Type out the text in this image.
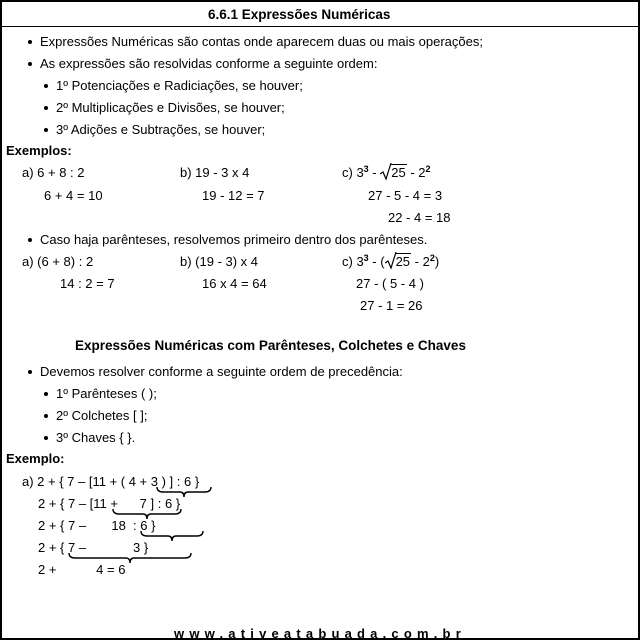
6.6.1 Expressões Numéricas
Expressões Numéricas são contas onde aparecem duas ou mais operações;
As expressões são resolvidas conforme a seguinte ordem:
1º Potenciações e Radiciações, se houver;
2º Multiplicações e Divisões, se houver;
3º Adições e Subtrações, se houver;
Exemplos:
a) 6 + 8 : 2
6 + 4 = 10
b) 19 - 3 x 4
19 - 12 = 7
c) $3^3$ -
$25 - 2^2$
27 - 5 - 4 = 3
22 - 4 = 18
Caso haja parênteses, resolvemos primeiro dentro dos parênteses.
a) (6 + 8) : 2
14 : 2 = 7
b) (19 - 3) x 4
16 x 4 = 64
c) $3^3$ - ( $25 - 2^2$)
27 - ( 5 - 4 )
27 - 1 = 26
Expressões Numéricas com Parênteses, Colchetes e Chaves
Devemos resolver conforme a seguinte ordem de precedência:
1º Parênteses ( );
2º Colchetes [ ];
3º Chaves { }.
Exemplo:
a) 2 + { 7 – [11 + ( 4 + 3 ) ] : 6 }
2 + { 7 – [11 +      7 ] : 6 }
2 + { 7 –       18  : 6 }
2 + { 7 –             3 }
2 +           4 = 6
www.ativeatabuada.com.br
